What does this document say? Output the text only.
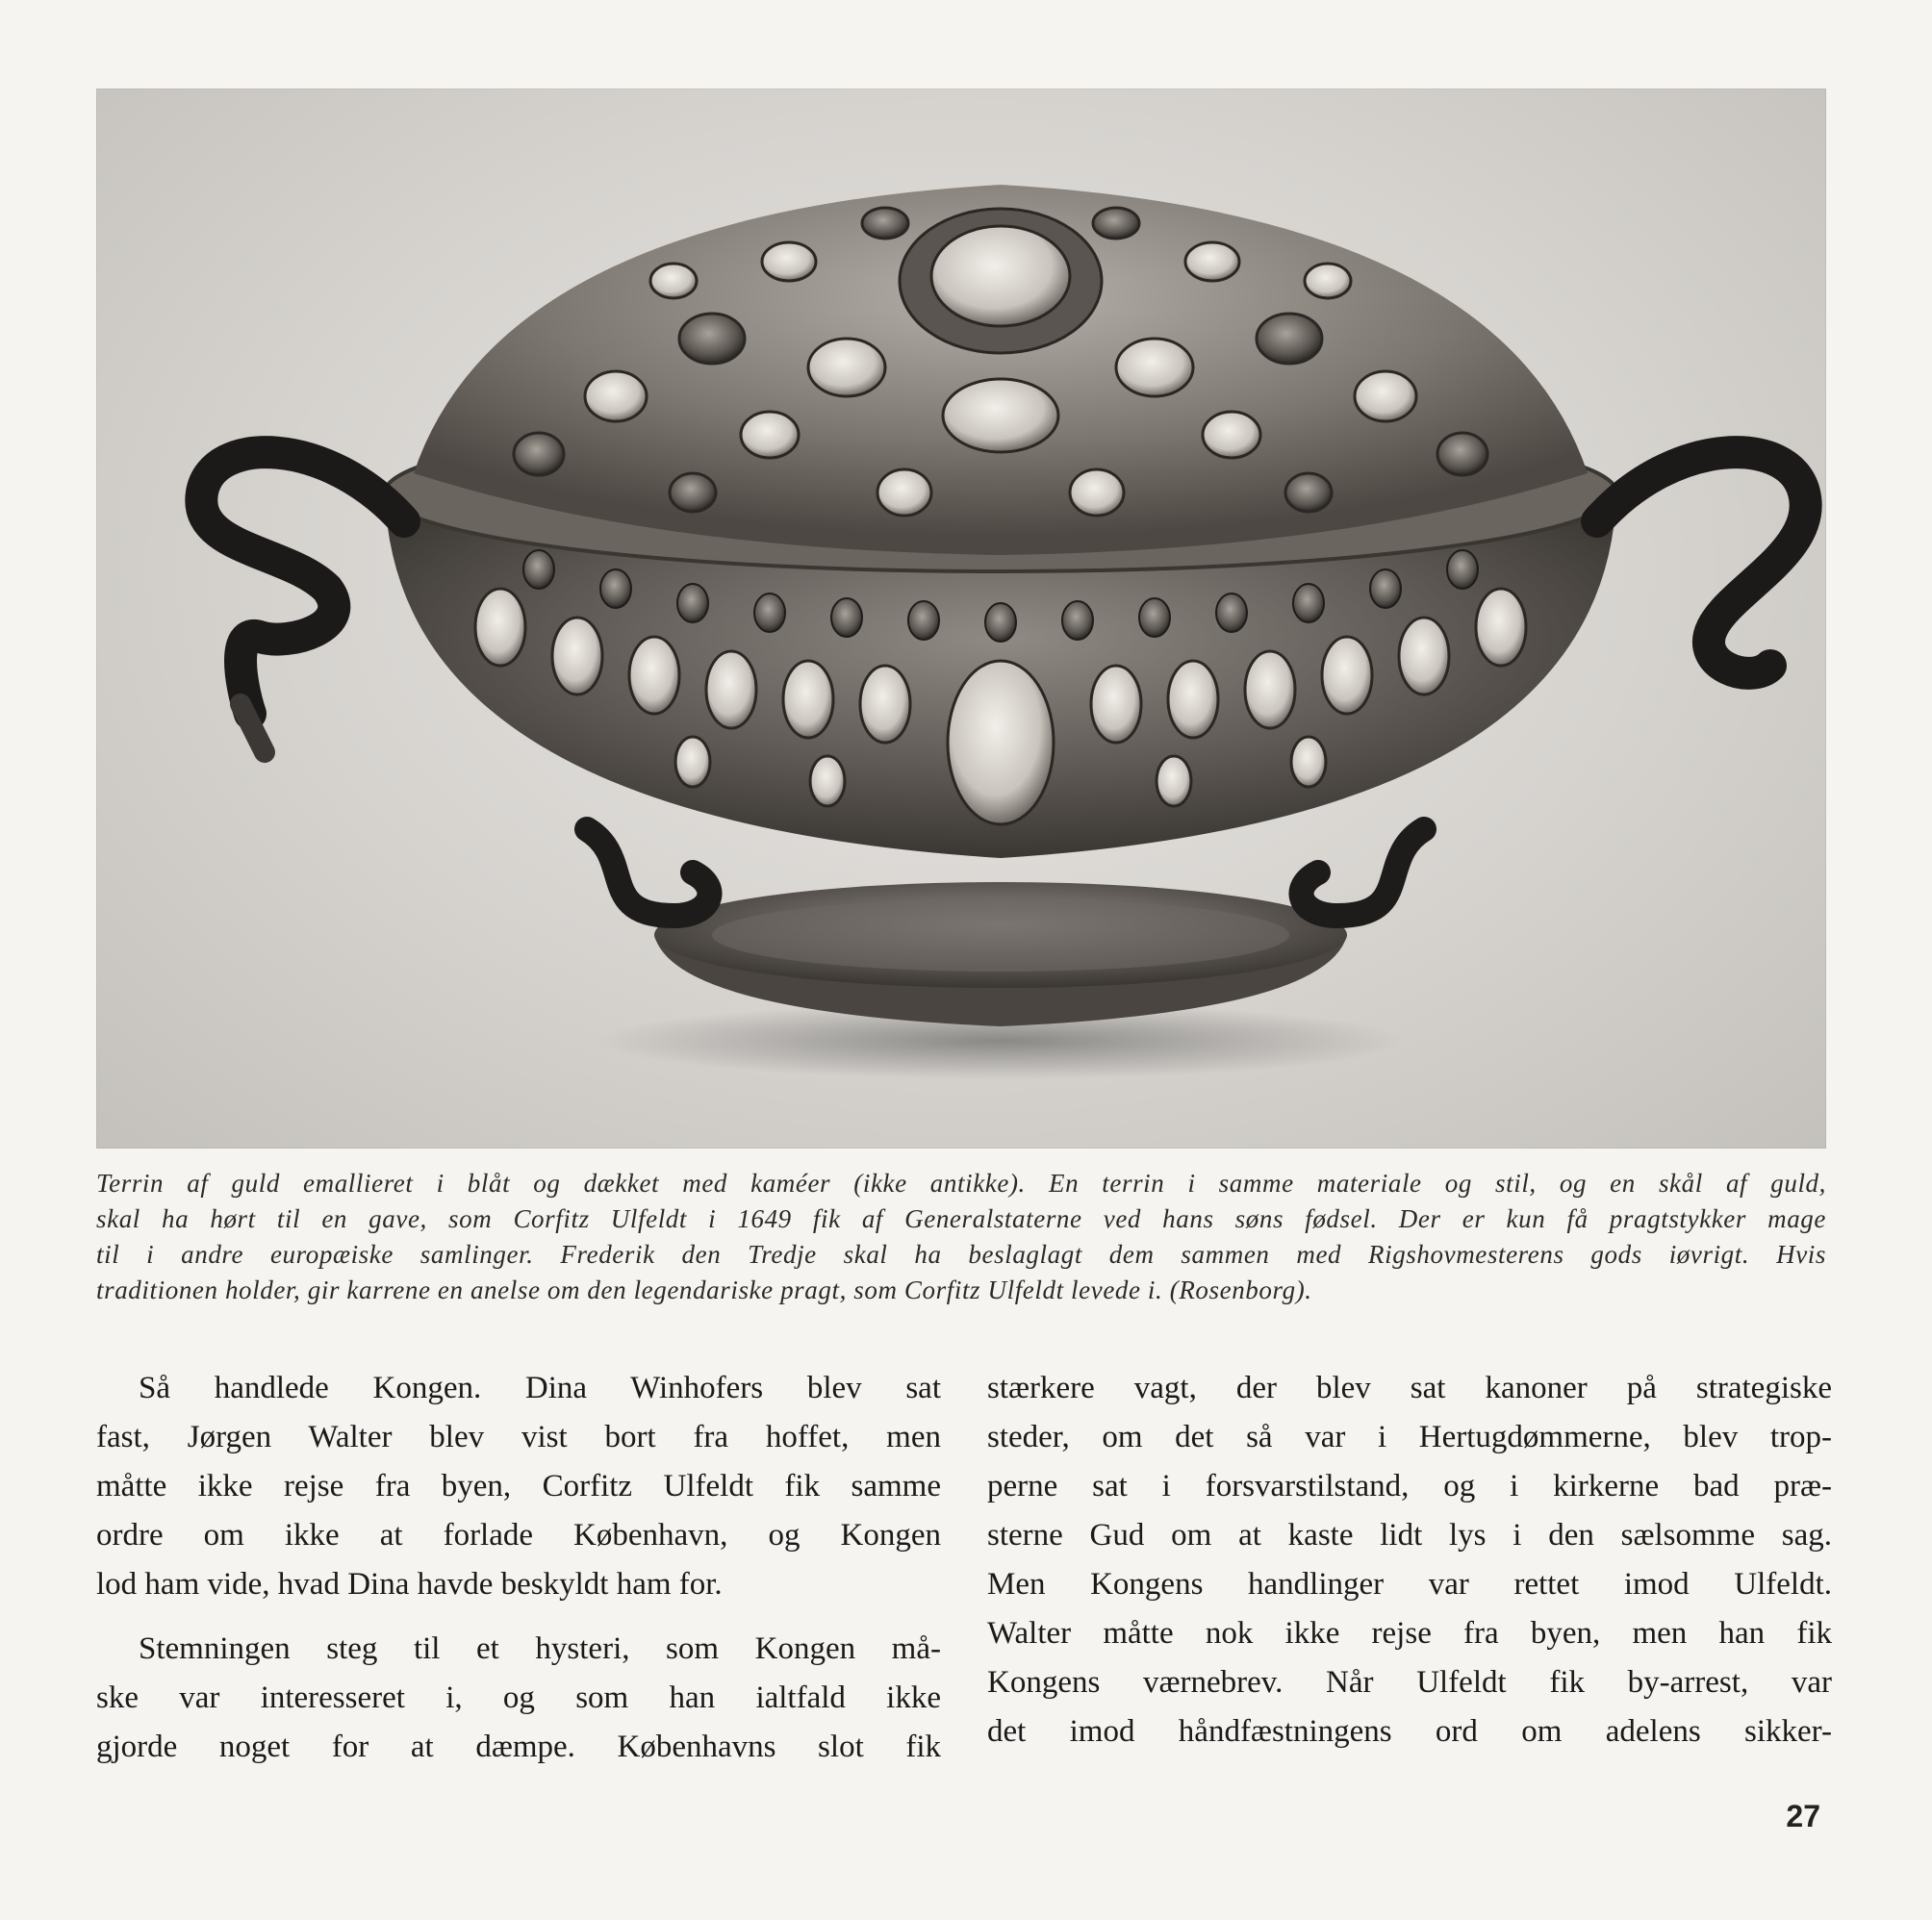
Terrin af guld emallieret i blåt og dækket med kaméer (ikke antikke). En terrin i samme materiale og stil, og en skål af guld,
skal ha hørt til en gave, som Corfitz Ulfeldt i 1649 fik af Generalstaterne ved hans søns fødsel. Der er kun få pragtstykker mage
til i andre europæiske samlinger. Frederik den Tredje skal ha beslaglagt dem sammen med Rigshovmesterens gods iøvrigt. Hvis
traditionen holder, gir karrene en anelse om den legendariske pragt, som Corfitz Ulfeldt levede i. (Rosenborg).
Så handlede Kongen. Dina Winhofers blev sat
fast, Jørgen Walter blev vist bort fra hoffet, men
måtte ikke rejse fra byen, Corfitz Ulfeldt fik samme
ordre om ikke at forlade København, og Kongen
lod ham vide, hvad Dina havde beskyldt ham for.
Stemningen steg til et hysteri, som Kongen må-
ske var interesseret i, og som han ialtfald ikke
gjorde noget for at dæmpe. Københavns slot fik
stærkere vagt, der blev sat kanoner på strategiske
steder, om det så var i Hertugdømmerne, blev trop-
perne sat i forsvarstilstand, og i kirkerne bad præ-
sterne Gud om at kaste lidt lys i den sælsomme sag.
Men Kongens handlinger var rettet imod Ulfeldt.
Walter måtte nok ikke rejse fra byen, men han fik
Kongens værnebrev. Når Ulfeldt fik by-arrest, var
det imod håndfæstningens ord om adelens sikker-
27
